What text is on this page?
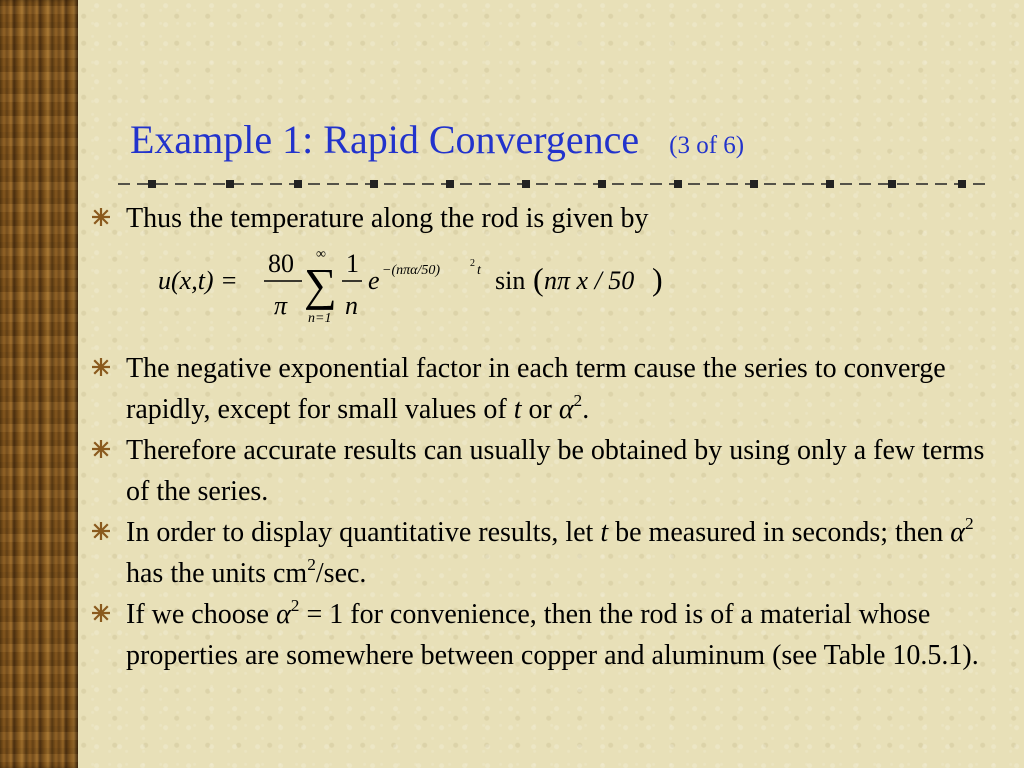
Example 1: Rapid Convergence (3 of 6)
Thus the temperature along the rod is given by
The negative exponential factor in each term cause the series to converge rapidly, except for small values of t or $\alpha^2$.
Therefore accurate results can usually be obtained by using only a few terms of the series.
In order to display quantitative results, let t be measured in seconds; then $\alpha^2$ has the units $cm^2/\sec$.
If we choose $\alpha^2 = 1$ for convenience, then the rod is of a material whose properties are somewhere between copper and aluminum (see Table 10.5.1).
u(x,t) =
80
π
∞
∑
n=1
1
n
e −(nπα/50)	2 t sin ( nπ x / 50 )
